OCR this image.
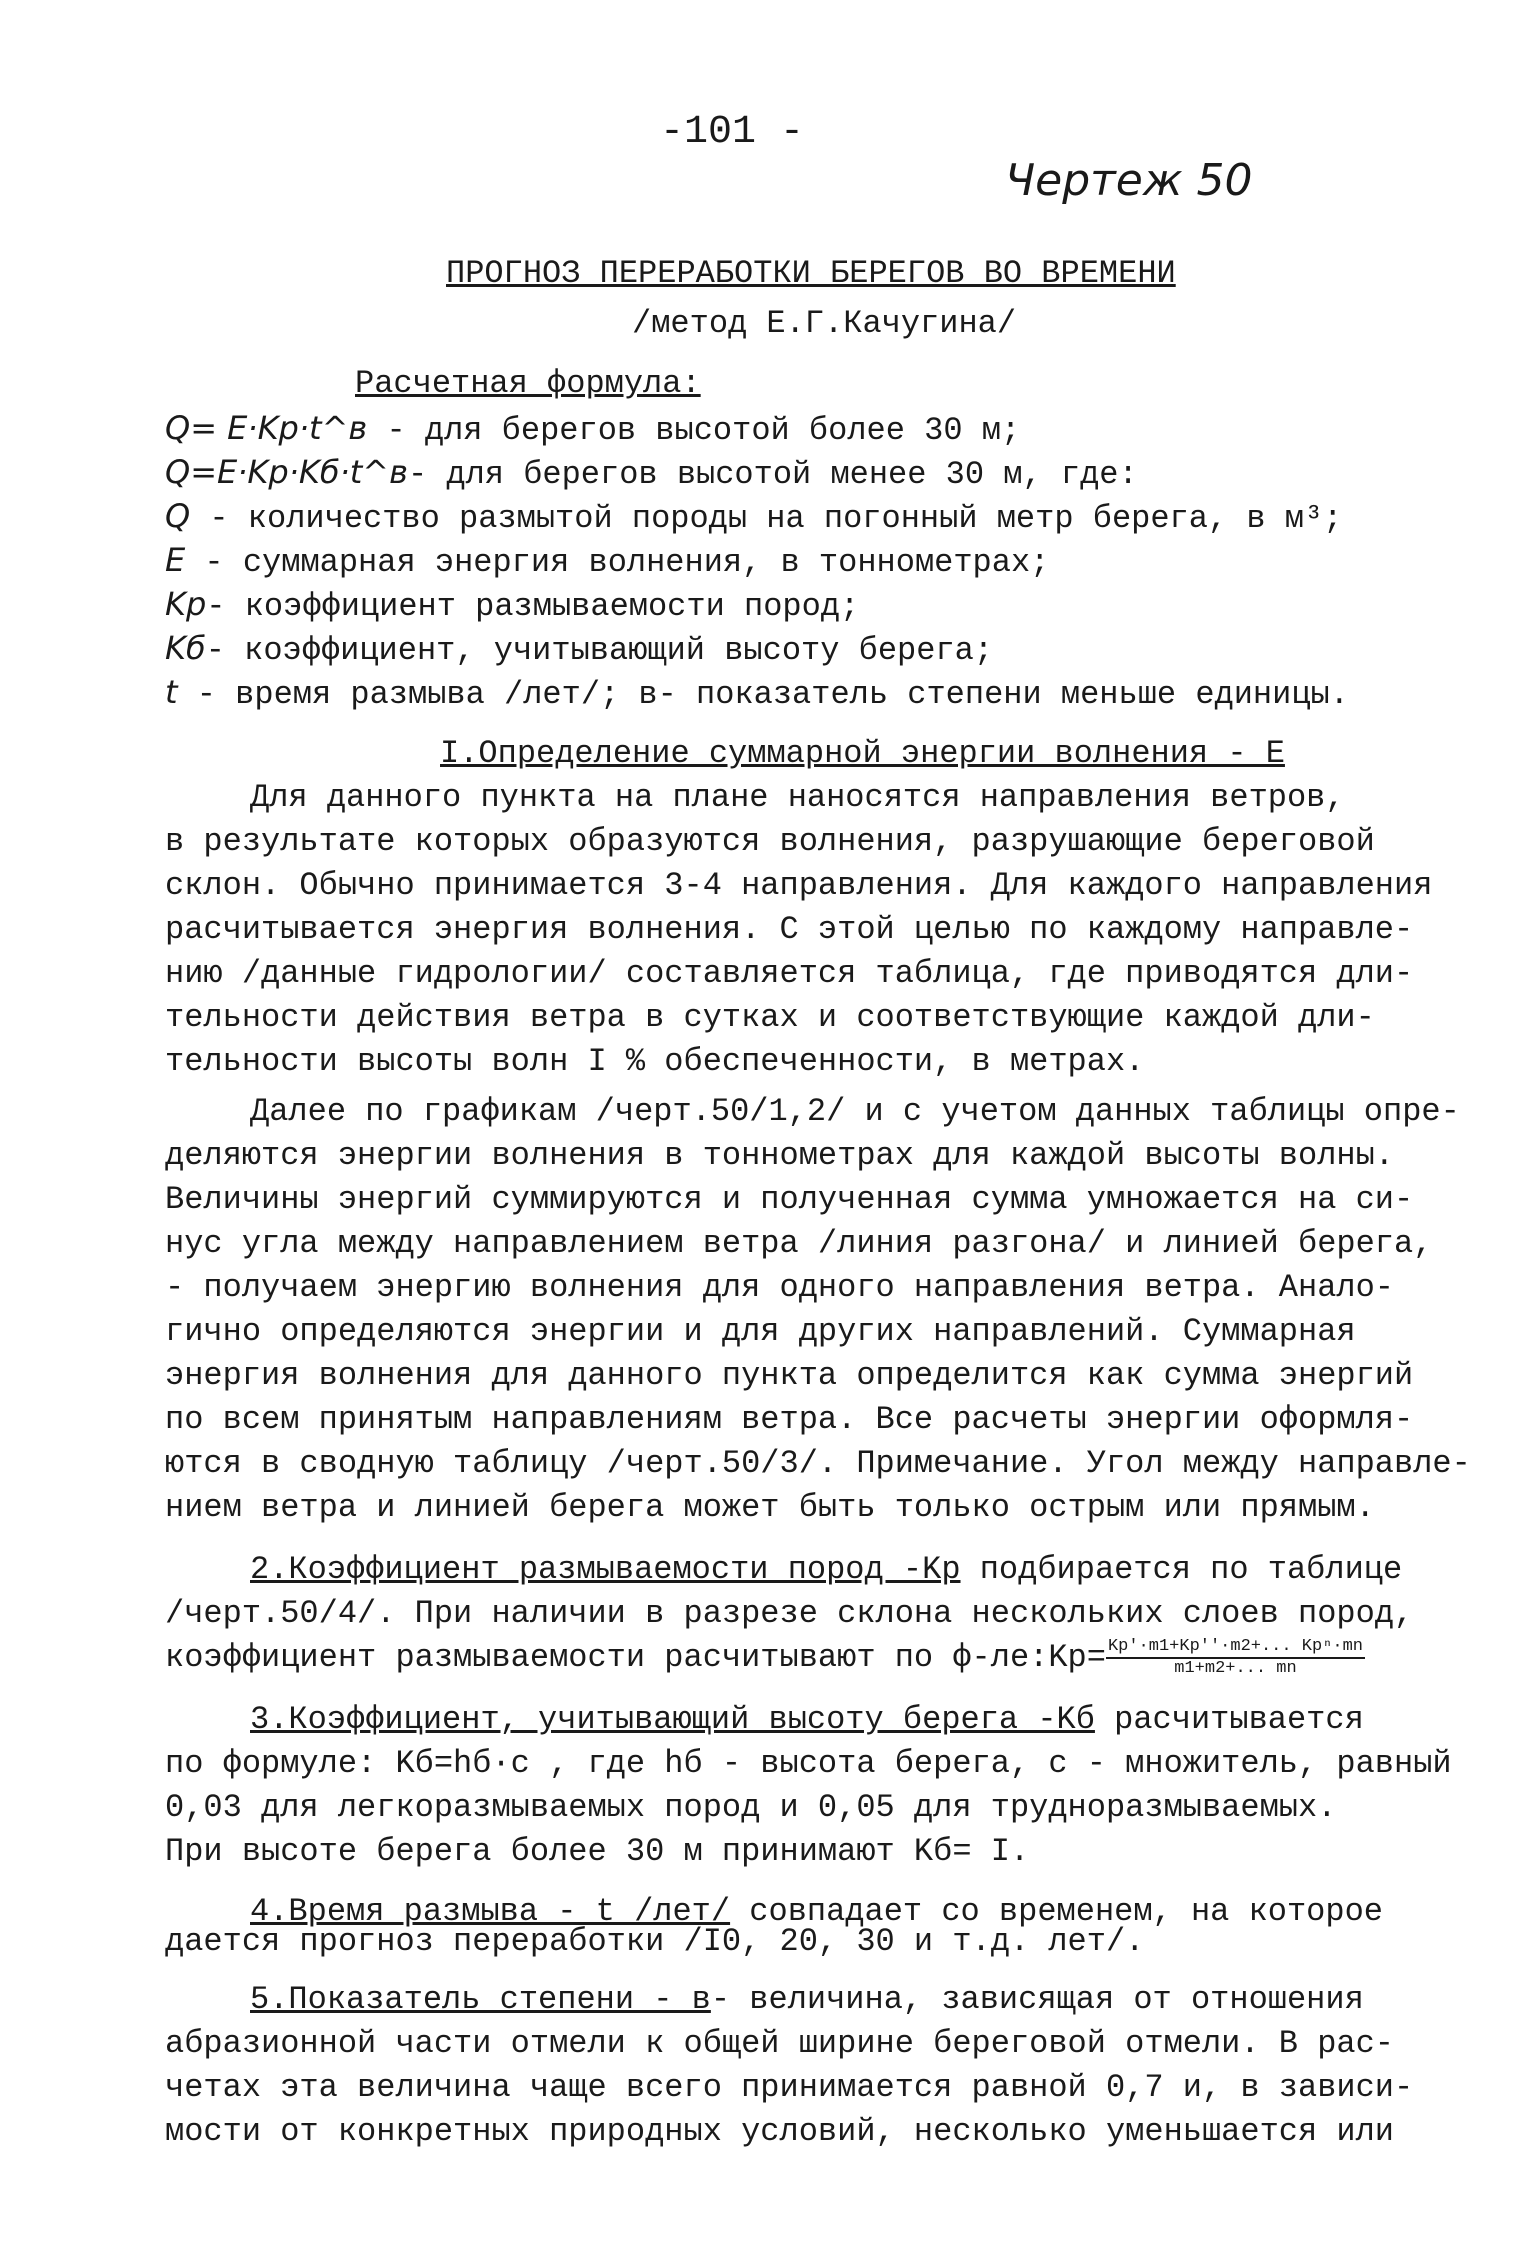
-101 -
Чертеж 50
ПРОГНОЗ ПЕРЕРАБОТКИ БЕРЕГОВ ВО ВРЕМЕНИ
/метод Е.Г.Качугина/
Расчетная формула:
Q= E·Kp·t^в - для берегов высотой более 30 м;
Q=E·Kp·Kб·t^в- для берегов высотой менее 30 м, где:
Q - количество размытой породы на погонный метр берега, в м³;
E - суммарная энергия волнения, в тоннометрах;
Kp- коэффициент размываемости пород;
Kб- коэффициент, учитывающий высоту берега;
t - время размыва /лет/; в- показатель степени меньше единицы.
I.Определение суммарной энергии волнения - E
Для данного пункта на плане наносятся направления ветров,
в результате которых образуются волнения, разрушающие береговой
склон. Обычно принимается 3-4 направления. Для каждого направления
расчитывается энергия волнения. С этой целью по каждому направле-
нию /данные гидрологии/ составляется таблица, где приводятся дли-
тельности действия ветра в сутках и соответствующие каждой дли-
тельности высоты волн I % обеспеченности, в метрах.
Далее по графикам /черт.50/1,2/ и с учетом данных таблицы опре-
деляются энергии волнения в тоннометрах для каждой высоты волны.
Величины энергий суммируются и полученная сумма умножается на си-
нус угла между направлением ветра /линия разгона/ и линией берега,
- получаем энергию волнения для одного направления ветра. Анало-
гично определяются энергии и для других направлений. Суммарная
энергия волнения для данного пункта определится как сумма энергий
по всем принятым направлениям ветра. Все расчеты энергии оформля-
ются в сводную таблицу /черт.50/3/. Примечание. Угол между направле-
нием ветра и линией берега может быть только острым или прямым.
2.Коэффициент размываемости пород -Kp подбирается по таблице
/черт.50/4/. При наличии в разрезе склона нескольких слоев пород,
коэффициент размываемости расчитывают по ф-ле:Kp= $\frac{\text{Kp'·m1+Kp''·m2+... Kpⁿ·mn}}{m1+m2+... mn}$
3.Коэффициент, учитывающий высоту берега -Kб расчитывается
по формуле: Kб=hб·c , где hб - высота берега, c - множитель, равный
0,03 для легкоразмываемых пород и 0,05 для трудноразмываемых.
При высоте берега более 30 м принимают Kб= I.
4.Время размыва - t /лет/ совпадает со временем, на которое
дается прогноз переработки /I0, 20, 30 и т.д. лет/.
5.Показатель степени - в- величина, зависящая от отношения
абразионной части отмели к общей ширине береговой отмели. В рас-
четах эта величина чаще всего принимается равной 0,7 и, в зависи-
мости от конкретных природных условий, несколько уменьшается или
